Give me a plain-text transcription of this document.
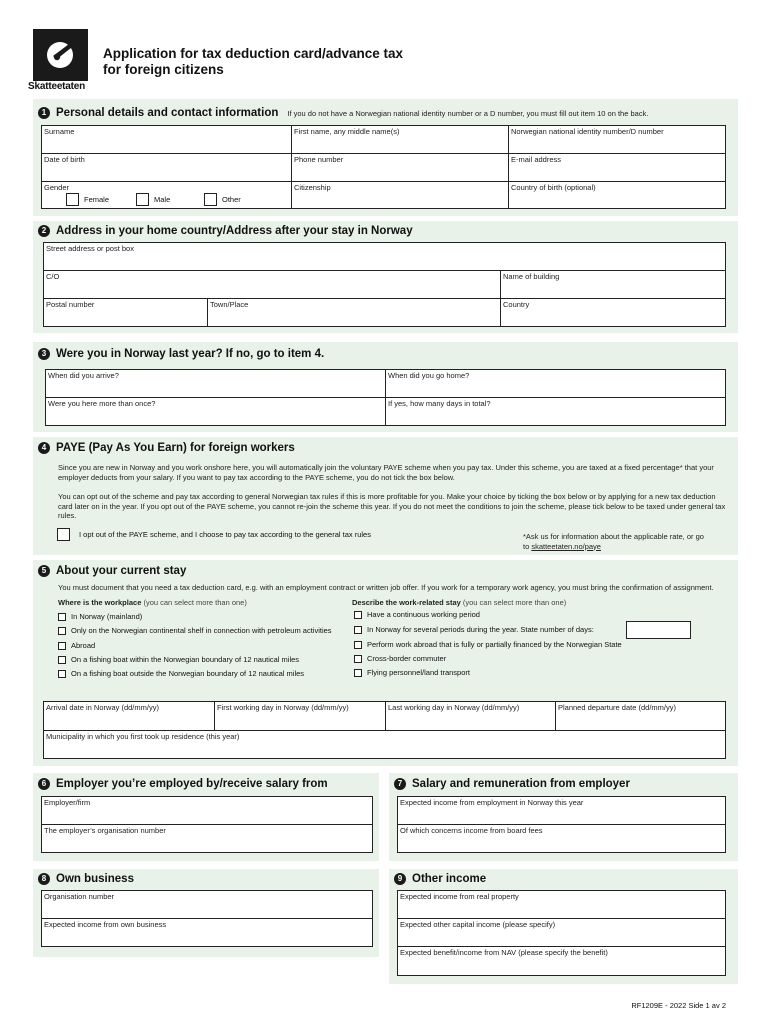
Skatteetaten
Application for tax deduction card/advance tax
for foreign citizens
1 Personal details and contact information If you do not have a Norwegian national identity number or a D number, you must fill out item 10 on the back.
Surname	First name, any middle name(s)	Norwegian national identity number/D number
Date of birth	Phone number	E-mail address
Gender
Female	Male	Other
Citizenship	Country of birth (optional)
2 Address in your home country/Address after your stay in Norway
Street address or post box
C/O	Name of building
Postal number	Town/Place	Country
3 Were you in Norway last year? If no, go to item 4.
When did you arrive?	When did you go home?
Were you here more than once?	If yes, how many days in total?
4 PAYE (Pay As You Earn) for foreign workers
Since you are new in Norway and you work onshore here, you will automatically join the voluntary PAYE scheme when you pay tax. Under this scheme, you are taxed at a fixed percentage* that your employer deducts from your salary. If you want to pay tax according to the PAYE scheme, you do not tick the box below.
You can opt out of the scheme and pay tax according to general Norwegian tax rules if this is more profitable for you. Make your choice by ticking the box below or by applying for a new tax deduction card later on in the year. If you opt out of the PAYE scheme, you cannot re-join the scheme this year. If you do not meet the conditions to join the scheme, please tick below to be taxed under general tax rules.
I opt out of the PAYE scheme, and I choose to pay tax according to the general tax rules	*Ask us for information about the applicable rate, or go
to skatteetaten.no/paye
5 About your current stay
You must document that you need a tax deduction card, e.g. with an employment contract or written job offer. If you work for a temporary work agency, you must bring the confirmation of assignment.
Where is the workplace (you can select more than one)
In Norway (mainland)
Only on the Norwegian continental shelf in connection with petroleum activities
Abroad
On a fishing boat within the Norwegian boundary of 12 nautical miles
On a fishing boat outside the Norwegian boundary of 12 nautical miles
Describe the work-related stay (you can select more than one)
Have a continuous working period
In Norway for several periods during the year. State number of days:
Perform work abroad that is fully or partially financed by the Norwegian State
Cross-border commuter
Flying personnel/land transport
Arrival date in Norway (dd/mm/yy)	First working day in Norway (dd/mm/yy)	Last working day in Norway (dd/mm/yy)	Planned departure date (dd/mm/yy)
Municipality in which you first took up residence (this year)
6 Employer you’re employed by/receive salary from
Employer/firm
The employer’s organisation number
7 Salary and remuneration from employer
Expected income from employment in Norway this year
Of which concerns income from board fees
8 Own business
Organisation number
Expected income from own business
9 Other income
Expected income from real property
Expected other capital income (please specify)
Expected benefit/income from NAV (please specify the benefit)
RF1209E - 2022 Side 1 av 2
